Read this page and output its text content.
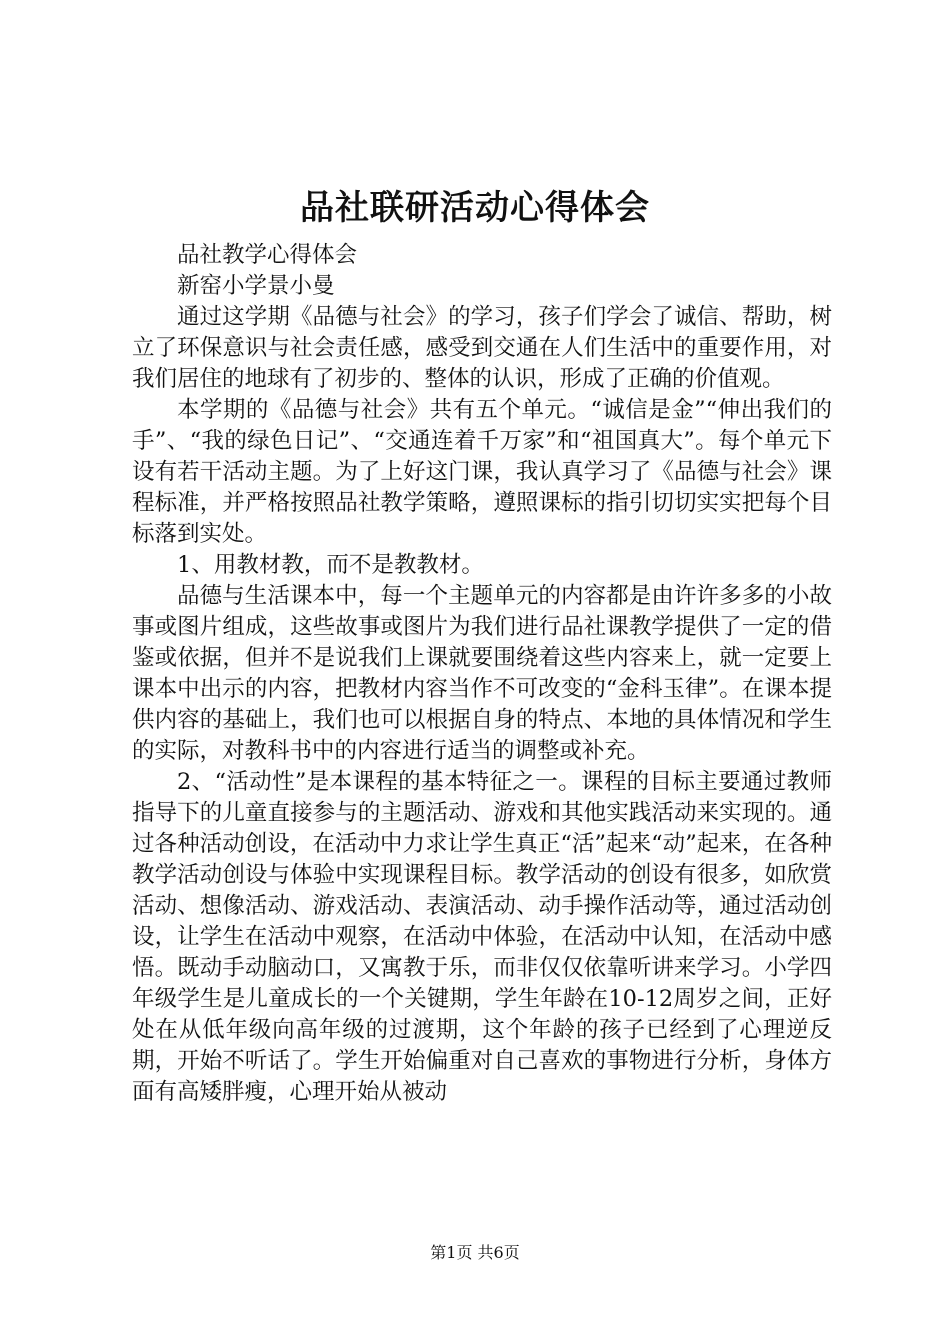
品社联研活动心得体会

品社教学心得体会

新窑小学景小曼

通过这学期《品德与社会》的学习，孩子们学会了诚信、帮助，树立了环保意识与社会责任感，感受到交通在人们生活中的重要作用，对我们居住的地球有了初步的、整体的认识，形成了正确的价值观。

本学期的《品德与社会》共有五个单元。“诚信是金”“伸出我们的手”、“我的绿色日记”、“交通连着千万家”和“祖国真大”。每个单元下设有若干活动主题。为了上好这门课，我认真学习了《品德与社会》课程标准，并严格按照品社教学策略，遵照课标的指引切切实实把每个目标落到实处。

1、用教材教，而不是教教材。

品德与生活课本中，每一个主题单元的内容都是由许许多多的小故事或图片组成，这些故事或图片为我们进行品社课教学提供了一定的借鉴或依据，但并不是说我们上课就要围绕着这些内容来上，就一定要上课本中出示的内容，把教材内容当作不可改变的“金科玉律”。在课本提供内容的基础上，我们也可以根据自身的特点、本地的具体情况和学生的实际，对教科书中的内容进行适当的调整或补充。

2、“活动性”是本课程的基本特征之一。课程的目标主要通过教师指导下的儿童直接参与的主题活动、游戏和其他实践活动来实现的。通过各种活动创设，在活动中力求让学生真正“活”起来“动”起来，在各种教学活动创设与体验中实现课程目标。教学活动的创设有很多，如欣赏活动、想像活动、游戏活动、表演活动、动手操作活动等，通过活动创设，让学生在活动中观察，在活动中体验，在活动中认知，在活动中感悟。既动手动脑动口，又寓教于乐，而非仅仅依靠听讲来学习。小学四年级学生是儿童成长的一个关键期，学生年龄在10-12周岁之间，正好处在从低年级向高年级的过渡期，这个年龄的孩子已经到了心理逆反期，开始不听话了。学生开始偏重对自己喜欢的事物进行分析，身体方面有高矮胖瘦，心理开始从被动

第1页 共6页
